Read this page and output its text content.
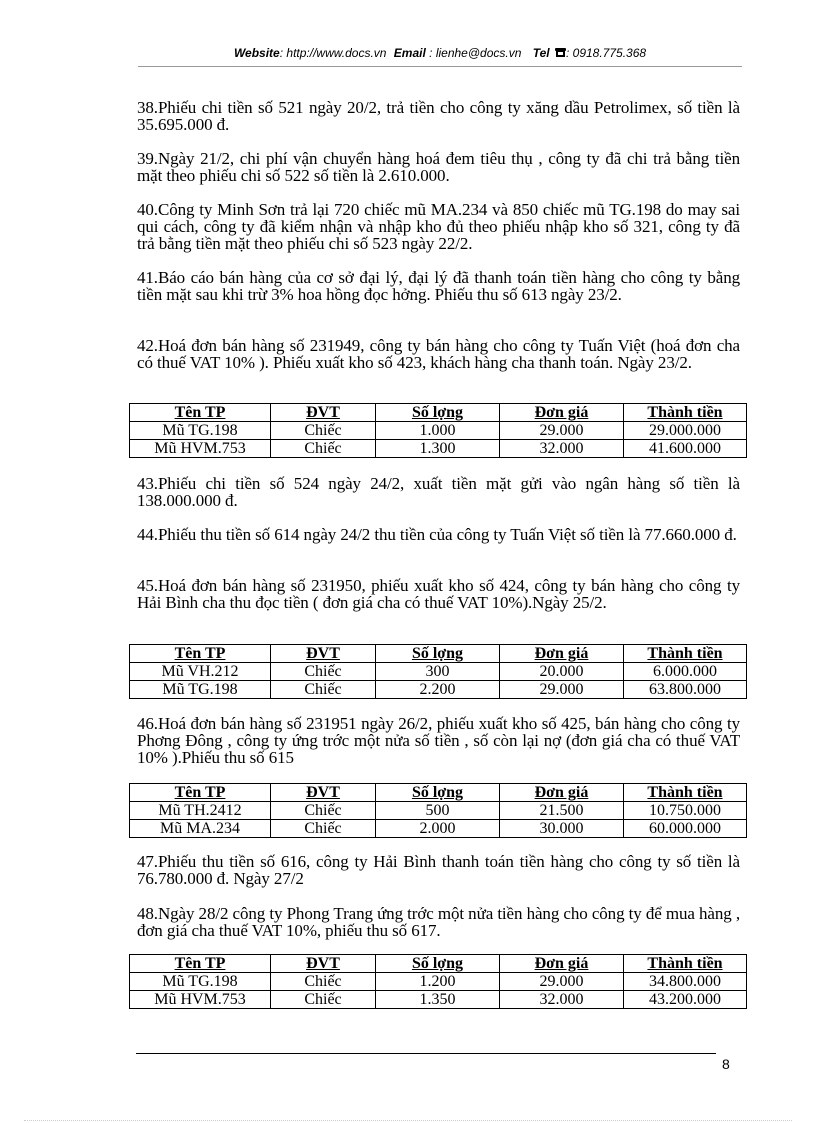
Website: http://www.docs.vn Email : lienhe@docs.vn Tel : 0918.775.368
38.Phiếu chi tiền số 521 ngày 20/2, trả tiền cho công ty xăng dầu Petrolimex, số tiền là 35.695.000 đ.
39.Ngày 21/2, chi phí vận chuyển hàng hoá đem tiêu thụ , công ty đã chi trả bằng tiền mặt theo phiếu chi số 522 số tiền là 2.610.000.
40.Công ty Minh Sơn trả lại 720 chiếc mũ MA.234 và 850 chiếc mũ TG.198 do may sai qui cách, công ty đã kiểm nhận và nhập kho đủ theo phiếu nhập kho số 321, công ty đã trả bằng tiền mặt theo phiếu chi số 523 ngày 22/2.
41.Báo cáo bán hàng của cơ sở đại lý, đại lý đã thanh toán tiền hàng cho công ty bằng tiền mặt sau khi trừ 3% hoa hồng đọc hởng. Phiếu thu số 613 ngày 23/2.
42.Hoá đơn bán hàng số 231949, công ty bán hàng cho công ty Tuấn Việt (hoá đơn cha có thuế VAT 10% ). Phiếu xuất kho số 423, khách hàng cha thanh toán. Ngày 23/2.
Tên TP	ĐVT	Số lợng	Đơn giá	Thành tiền
Mũ TG.198	Chiếc	1.000	29.000	29.000.000
Mũ HVM.753	Chiếc	1.300	32.000	41.600.000
43.Phiếu chi tiền số 524 ngày 24/2, xuất tiền mặt gửi vào ngân hàng số tiền là 138.000.000 đ.
44.Phiếu thu tiền số 614 ngày 24/2 thu tiền của công ty Tuấn Việt số tiền là 77.660.000 đ.
45.Hoá đơn bán hàng số 231950, phiếu xuất kho số 424, công ty bán hàng cho công ty Hải Bình cha thu đọc tiền ( đơn giá cha có thuế VAT 10%).Ngày 25/2.
Tên TP	ĐVT	Số lợng	Đơn giá	Thành tiền
Mũ VH.212	Chiếc	300	20.000	6.000.000
Mũ TG.198	Chiếc	2.200	29.000	63.800.000
46.Hoá đơn bán hàng số 231951 ngày 26/2, phiếu xuất kho số 425, bán hàng cho công ty Phơng Đông , công ty ứng trớc một nửa số tiền , số còn lại nợ (đơn giá cha có thuế VAT 10% ).Phiếu thu số 615
Tên TP	ĐVT	Số lợng	Đơn giá	Thành tiền
Mũ TH.2412	Chiếc	500	21.500	10.750.000
Mũ MA.234	Chiếc	2.000	30.000	60.000.000
47.Phiếu thu tiền số 616, công ty Hải Bình thanh toán tiền hàng cho công ty số tiền là 76.780.000 đ. Ngày 27/2
48.Ngày 28/2 công ty Phong Trang ứng trớc một nửa tiền hàng cho công ty để mua hàng , đơn giá cha thuế VAT 10%, phiếu thu số 617.
Tên TP	ĐVT	Số lợng	Đơn giá	Thành tiền
Mũ TG.198	Chiếc	1.200	29.000	34.800.000
Mũ HVM.753	Chiếc	1.350	32.000	43.200.000
8
